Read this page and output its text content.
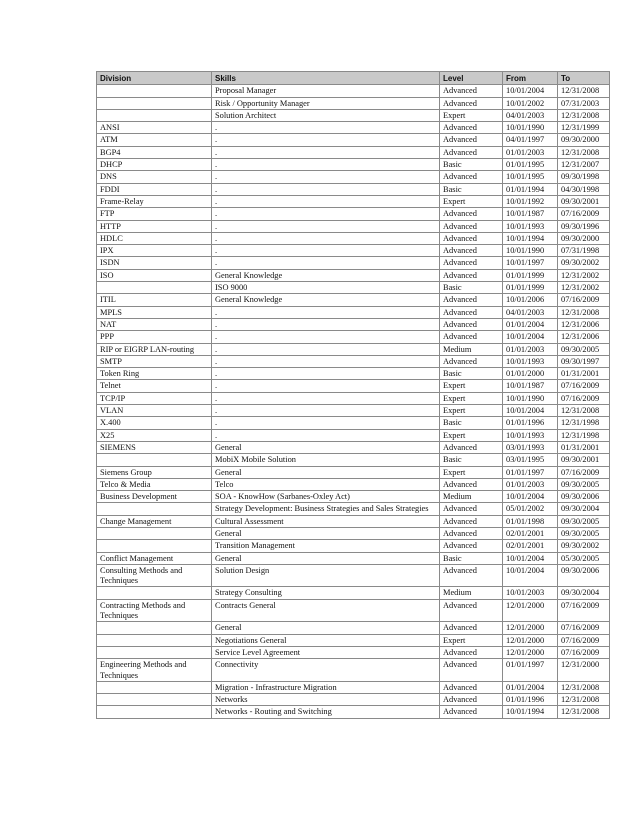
Division	Skills	Level	From	To
	Proposal Manager	Advanced	10/01/2004	12/31/2008
	Risk / Opportunity Manager	Advanced	10/01/2002	07/31/2003
	Solution Architect	Expert	04/01/2003	12/31/2008
ANSI	.	Advanced	10/01/1990	12/31/1999
ATM	.	Advanced	04/01/1997	09/30/2000
BGP4	.	Advanced	01/01/2003	12/31/2008
DHCP	.	Basic	01/01/1995	12/31/2007
DNS	.	Advanced	10/01/1995	09/30/1998
FDDI	.	Basic	01/01/1994	04/30/1998
Frame-Relay	.	Expert	10/01/1992	09/30/2001
FTP	.	Advanced	10/01/1987	07/16/2009
HTTP	.	Advanced	10/01/1993	09/30/1996
HDLC	.	Advanced	10/01/1994	09/30/2000
IPX	.	Advanced	10/01/1990	07/31/1998
ISDN	.	Advanced	10/01/1997	09/30/2002
ISO	General Knowledge	Advanced	01/01/1999	12/31/2002
	ISO 9000	Basic	01/01/1999	12/31/2002
ITIL	General Knowledge	Advanced	10/01/2006	07/16/2009
MPLS	.	Advanced	04/01/2003	12/31/2008
NAT	.	Advanced	01/01/2004	12/31/2006
PPP	.	Advanced	10/01/2004	12/31/2006
RIP or EIGRP LAN-routing	.	Medium	01/01/2003	09/30/2005
SMTP	.	Advanced	10/01/1993	09/30/1997
Token Ring	.	Basic	01/01/2000	01/31/2001
Telnet	.	Expert	10/01/1987	07/16/2009
TCP/IP	.	Expert	10/01/1990	07/16/2009
VLAN	.	Expert	10/01/2004	12/31/2008
X.400	.	Basic	01/01/1996	12/31/1998
X25	.	Expert	10/01/1993	12/31/1998
SIEMENS	General	Advanced	03/01/1993	01/31/2001
	MobiX Mobile Solution	Basic	03/01/1995	09/30/2001
Siemens Group	General	Expert	01/01/1997	07/16/2009
Telco & Media	Telco	Advanced	01/01/2003	09/30/2005
Business Development	SOA - KnowHow (Sarbanes-Oxley Act)	Medium	10/01/2004	09/30/2006
	Strategy Development: Business Strategies and Sales Strategies	Advanced	05/01/2002	09/30/2004
Change Management	Cultural Assessment	Advanced	01/01/1998	09/30/2005
	General	Advanced	02/01/2001	09/30/2005
	Transition Management	Advanced	02/01/2001	09/30/2002
Conflict Management	General	Basic	10/01/2004	05/30/2005
Consulting Methods and Techniques	Solution Design	Advanced	10/01/2004	09/30/2006
	Strategy Consulting	Medium	10/01/2003	09/30/2004
Contracting Methods and Techniques	Contracts General	Advanced	12/01/2000	07/16/2009
	General	Advanced	12/01/2000	07/16/2009
	Negotiations General	Expert	12/01/2000	07/16/2009
	Service Level Agreement	Advanced	12/01/2000	07/16/2009
Engineering Methods and Techniques	Connectivity	Advanced	01/01/1997	12/31/2000
	Migration - Infrastructure Migration	Advanced	01/01/2004	12/31/2008
	Networks	Advanced	01/01/1996	12/31/2008
	Networks - Routing and Switching	Advanced	10/01/1994	12/31/2008
